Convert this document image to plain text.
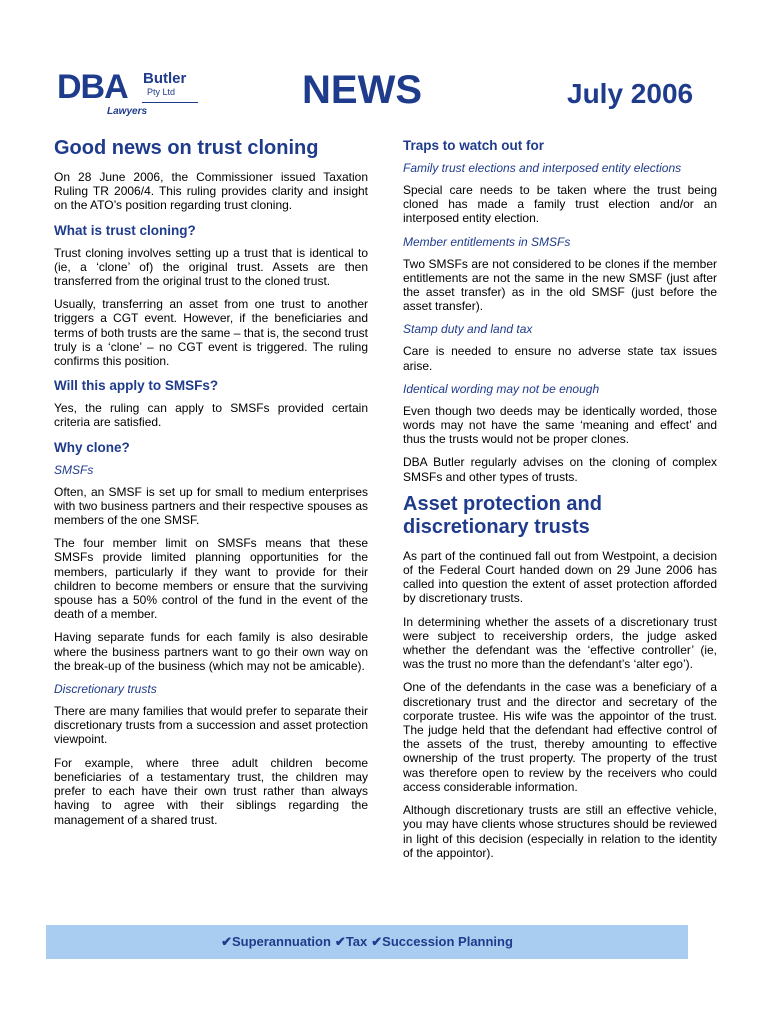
DBA Butler
Pty Ltd
Lawyers	NEWS	July 2006
Good news on trust cloning

On 28 June 2006, the Commissioner issued Taxation Ruling TR 2006/4. This ruling provides clarity and insight on the ATO’s position regarding trust cloning.

What is trust cloning?

Trust cloning involves setting up a trust that is identical to (ie, a ‘clone’ of) the original trust. Assets are then transferred from the original trust to the cloned trust.

Usually, transferring an asset from one trust to another triggers a CGT event. However, if the beneficiaries and terms of both trusts are the same – that is, the second trust truly is a ‘clone’ – no CGT event is triggered. The ruling confirms this position.

Will this apply to SMSFs?

Yes, the ruling can apply to SMSFs provided certain criteria are satisfied.

Why clone?
SMSFs

Often, an SMSF is set up for small to medium enterprises with two business partners and their respective spouses as members of the one SMSF.

The four member limit on SMSFs means that these SMSFs provide limited planning opportunities for the members, particularly if they want to provide for their children to become members or ensure that the surviving spouse has a 50% control of the fund in the event of the death of a member.

Having separate funds for each family is also desirable where the business partners want to go their own way on the break-up of the business (which may not be amicable).

Discretionary trusts

There are many families that would prefer to separate their discretionary trusts from a succession and asset protection viewpoint.

For example, where three adult children become beneficiaries of a testamentary trust, the children may prefer to each have their own trust rather than always having to agree with their siblings regarding the management of a shared trust.

Traps to watch out for
Family trust elections and interposed entity elections

Special care needs to be taken where the trust being cloned has made a family trust election and/or an interposed entity election.

Member entitlements in SMSFs

Two SMSFs are not considered to be clones if the member entitlements are not the same in the new SMSF (just after the asset transfer) as in the old SMSF (just before the asset transfer).

Stamp duty and land tax

Care is needed to ensure no adverse state tax issues arise.

Identical wording may not be enough

Even though two deeds may be identically worded, those words may not have the same ‘meaning and effect’ and thus the trusts would not be proper clones.

DBA Butler regularly advises on the cloning of complex SMSFs and other types of trusts.

Asset protection and discretionary trusts

As part of the continued fall out from Westpoint, a decision of the Federal Court handed down on 29 June 2006 has called into question the extent of asset protection afforded by discretionary trusts.

In determining whether the assets of a discretionary trust were subject to receivership orders, the judge asked whether the defendant was the ‘effective controller’ (ie, was the trust no more than the defendant’s ‘alter ego’).

One of the defendants in the case was a beneficiary of a discretionary trust and the director and secretary of the corporate trustee. His wife was the appointor of the trust. The judge held that the defendant had effective control of the assets of the trust, thereby amounting to effective ownership of the trust property. The property of the trust was therefore open to review by the receivers who could access considerable information.

Although discretionary trusts are still an effective vehicle, you may have clients whose structures should be reviewed in light of this decision (especially in relation to the identity of the appointor).

✔Superannuation ✔Tax ✔Succession Planning
